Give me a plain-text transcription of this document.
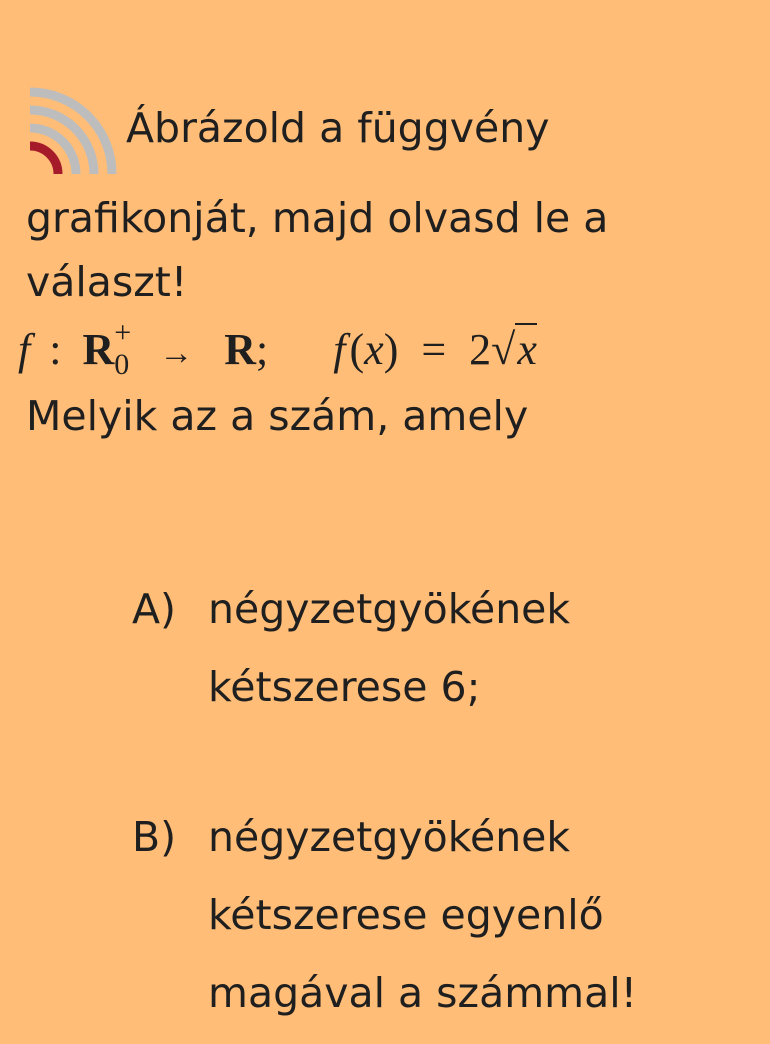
Ábrázold a függvény
grafikonját, majd olvasd le a
választ!
f : R +
0 → R; f(x) = 2√x
Melyik az a szám, amely
A) négyzetgyökének
kétszerese 6;
B) négyzetgyökének
kétszerese egyenlő
magával a számmal!
